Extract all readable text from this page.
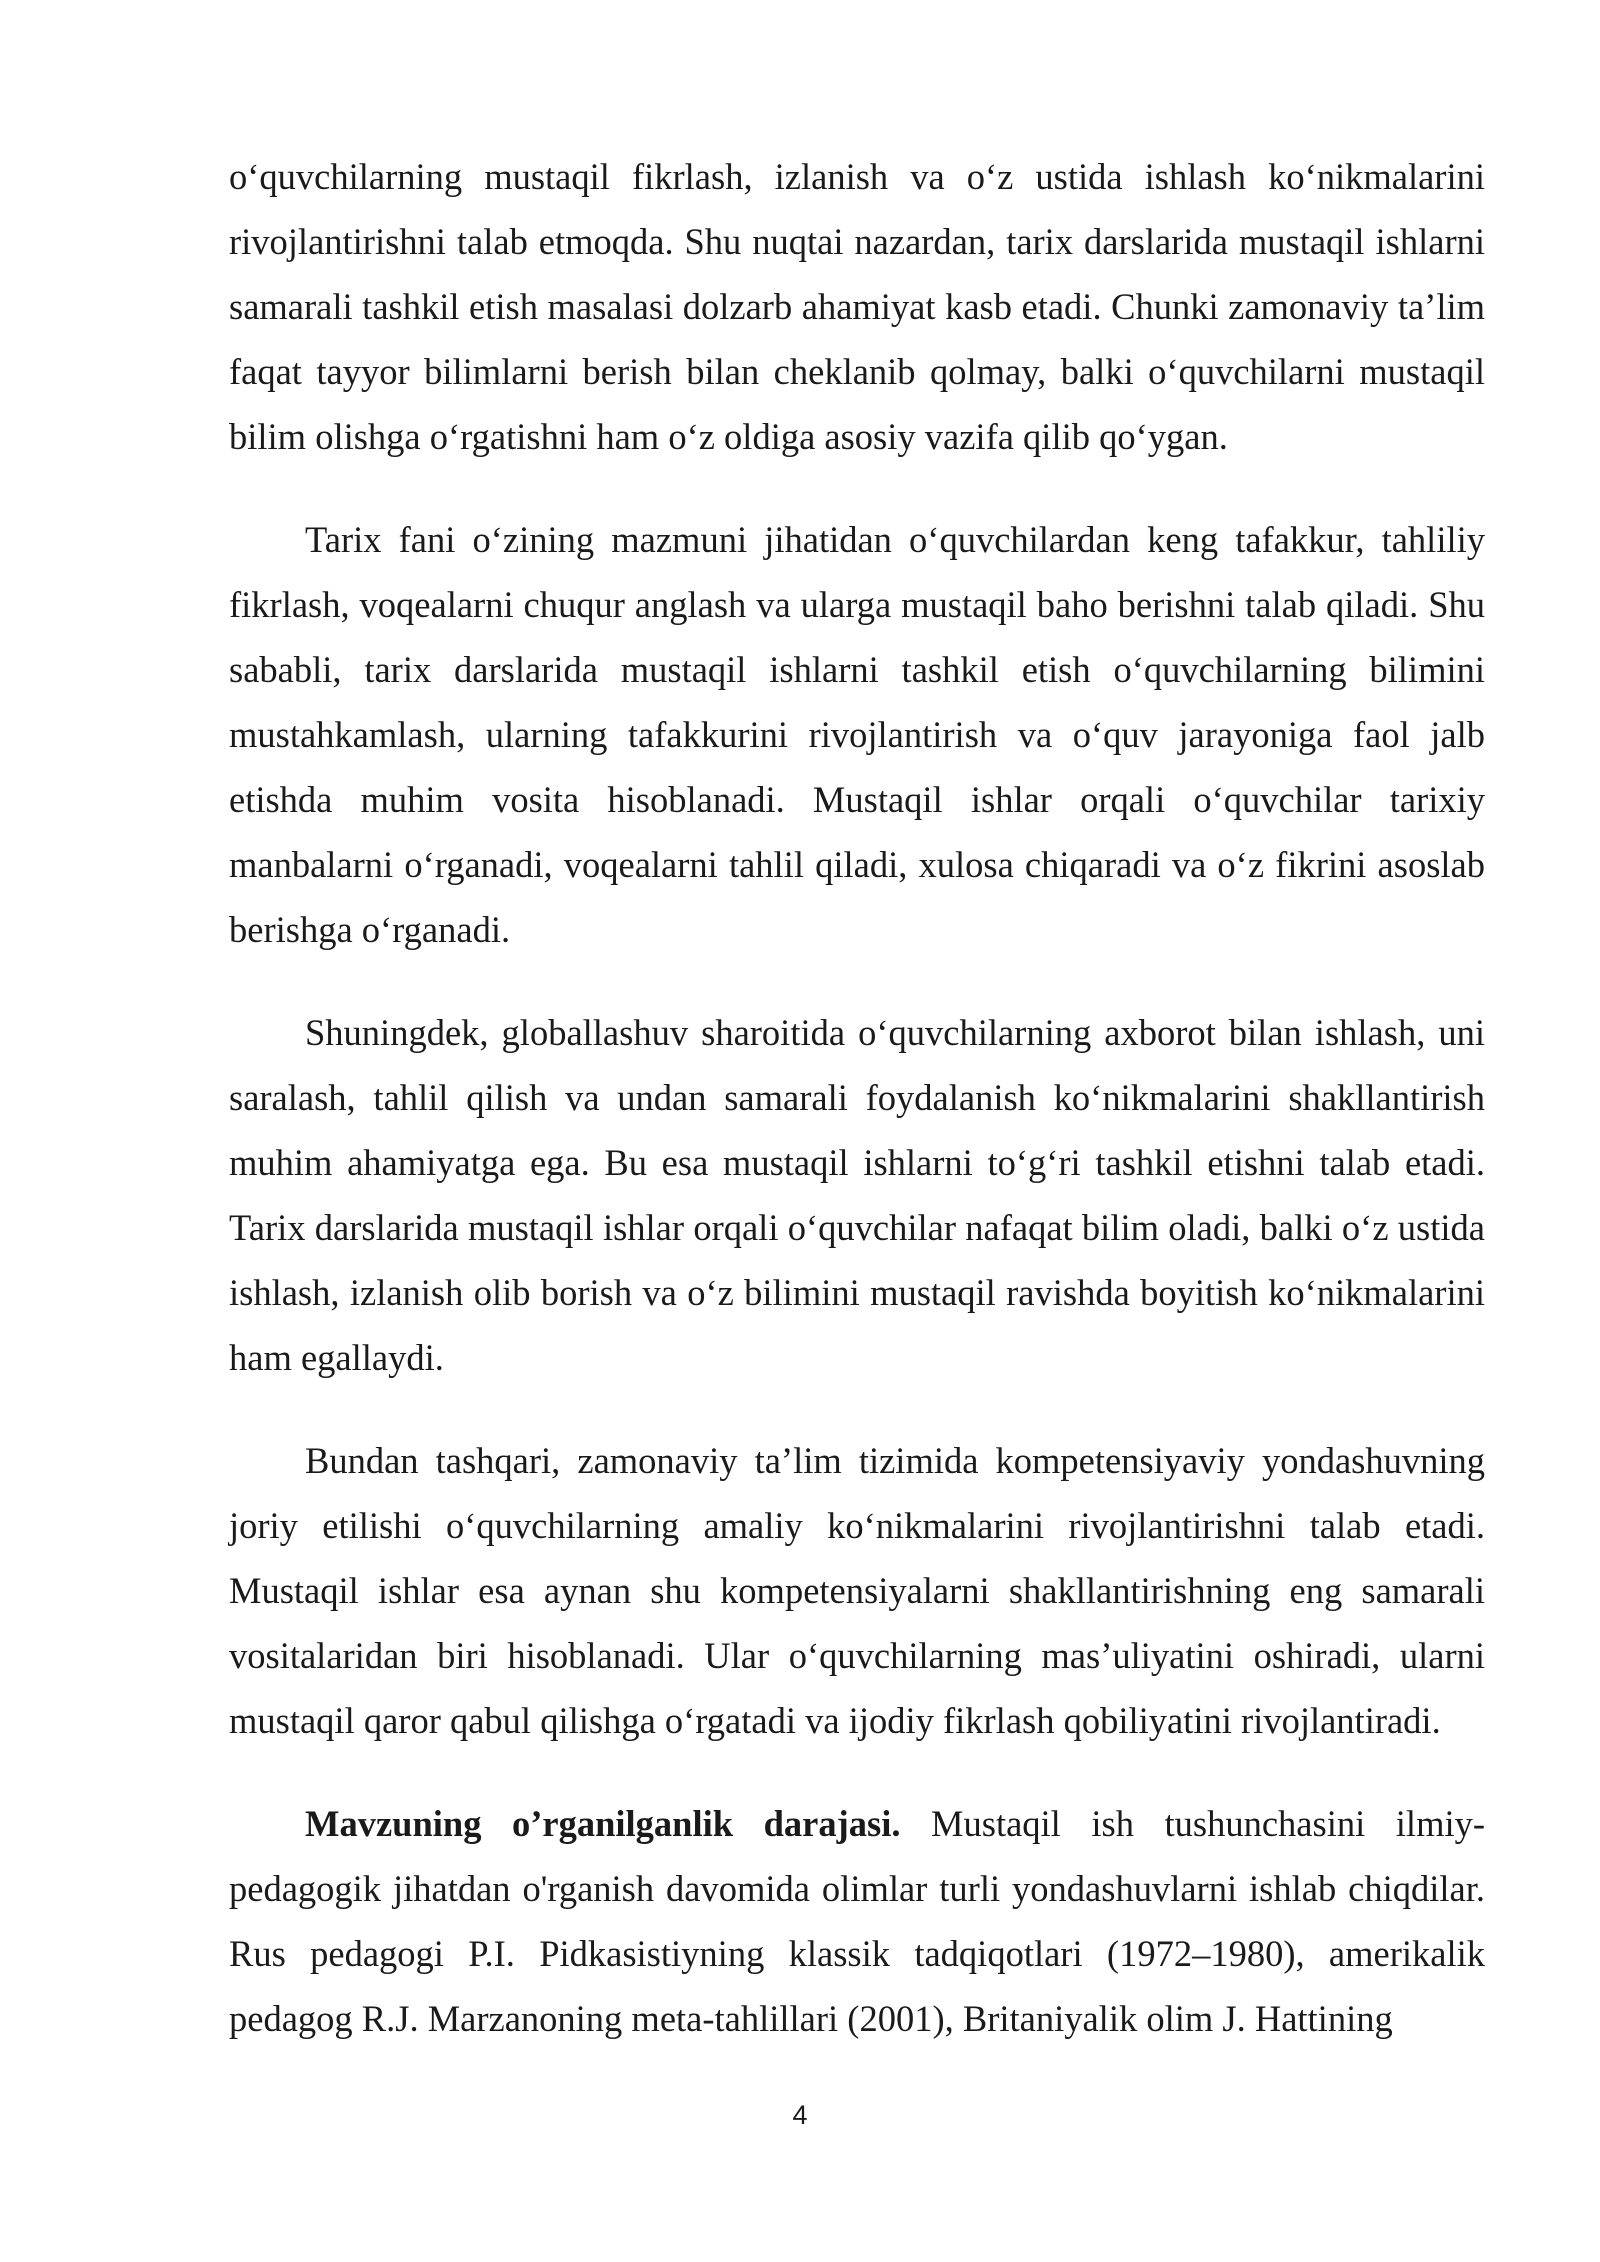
o‘quvchilarning mustaqil fikrlash, izlanish va o‘z ustida ishlash ko‘nikmalarini rivojlantirishni talab etmoqda. Shu nuqtai nazardan, tarix darslarida mustaqil ishlarni samarali tashkil etish masalasi dolzarb ahamiyat kasb etadi. Chunki zamonaviy ta’lim faqat tayyor bilimlarni berish bilan cheklanib qolmay, balki o‘quvchilarni mustaqil bilim olishga o‘rgatishni ham o‘z oldiga asosiy vazifa qilib qo‘ygan.

Tarix fani o‘zining mazmuni jihatidan o‘quvchilardan keng tafakkur, tahliliy fikrlash, voqealarni chuqur anglash va ularga mustaqil baho berishni talab qiladi. Shu sababli, tarix darslarida mustaqil ishlarni tashkil etish o‘quvchilarning bilimini mustahkamlash, ularning tafakkurini rivojlantirish va o‘quv jarayoniga faol jalb etishda muhim vosita hisoblanadi. Mustaqil ishlar orqali o‘quvchilar tarixiy manbalarni o‘rganadi, voqealarni tahlil qiladi, xulosa chiqaradi va o‘z fikrini asoslab berishga o‘rganadi.

Shuningdek, globallashuv sharoitida o‘quvchilarning axborot bilan ishlash, uni saralash, tahlil qilish va undan samarali foydalanish ko‘nikmalarini shakllantirish muhim ahamiyatga ega. Bu esa mustaqil ishlarni to‘g‘ri tashkil etishni talab etadi. Tarix darslarida mustaqil ishlar orqali o‘quvchilar nafaqat bilim oladi, balki o‘z ustida ishlash, izlanish olib borish va o‘z bilimini mustaqil ravishda boyitish ko‘nikmalarini ham egallaydi.

Bundan tashqari, zamonaviy ta’lim tizimida kompetensiyaviy yondashuvning joriy etilishi o‘quvchilarning amaliy ko‘nikmalarini rivojlantirishni talab etadi. Mustaqil ishlar esa aynan shu kompetensiyalarni shakllantirishning eng samarali vositalaridan biri hisoblanadi. Ular o‘quvchilarning mas’uliyatini oshiradi, ularni mustaqil qaror qabul qilishga o‘rgatadi va ijodiy fikrlash qobiliyatini rivojlantiradi.

Mavzuning o’rganilganlik darajasi. Mustaqil ish tushunchasini ilmiy-pedagogik jihatdan o'rganish davomida olimlar turli yondashuvlarni ishlab chiqdilar. Rus pedagogi P.I. Pidkasistiyning klassik tadqiqotlari (1972–1980), amerikalik pedagog R.J. Marzanoning meta-tahlillari (2001), Britaniyalik olim J. Hattining

4
